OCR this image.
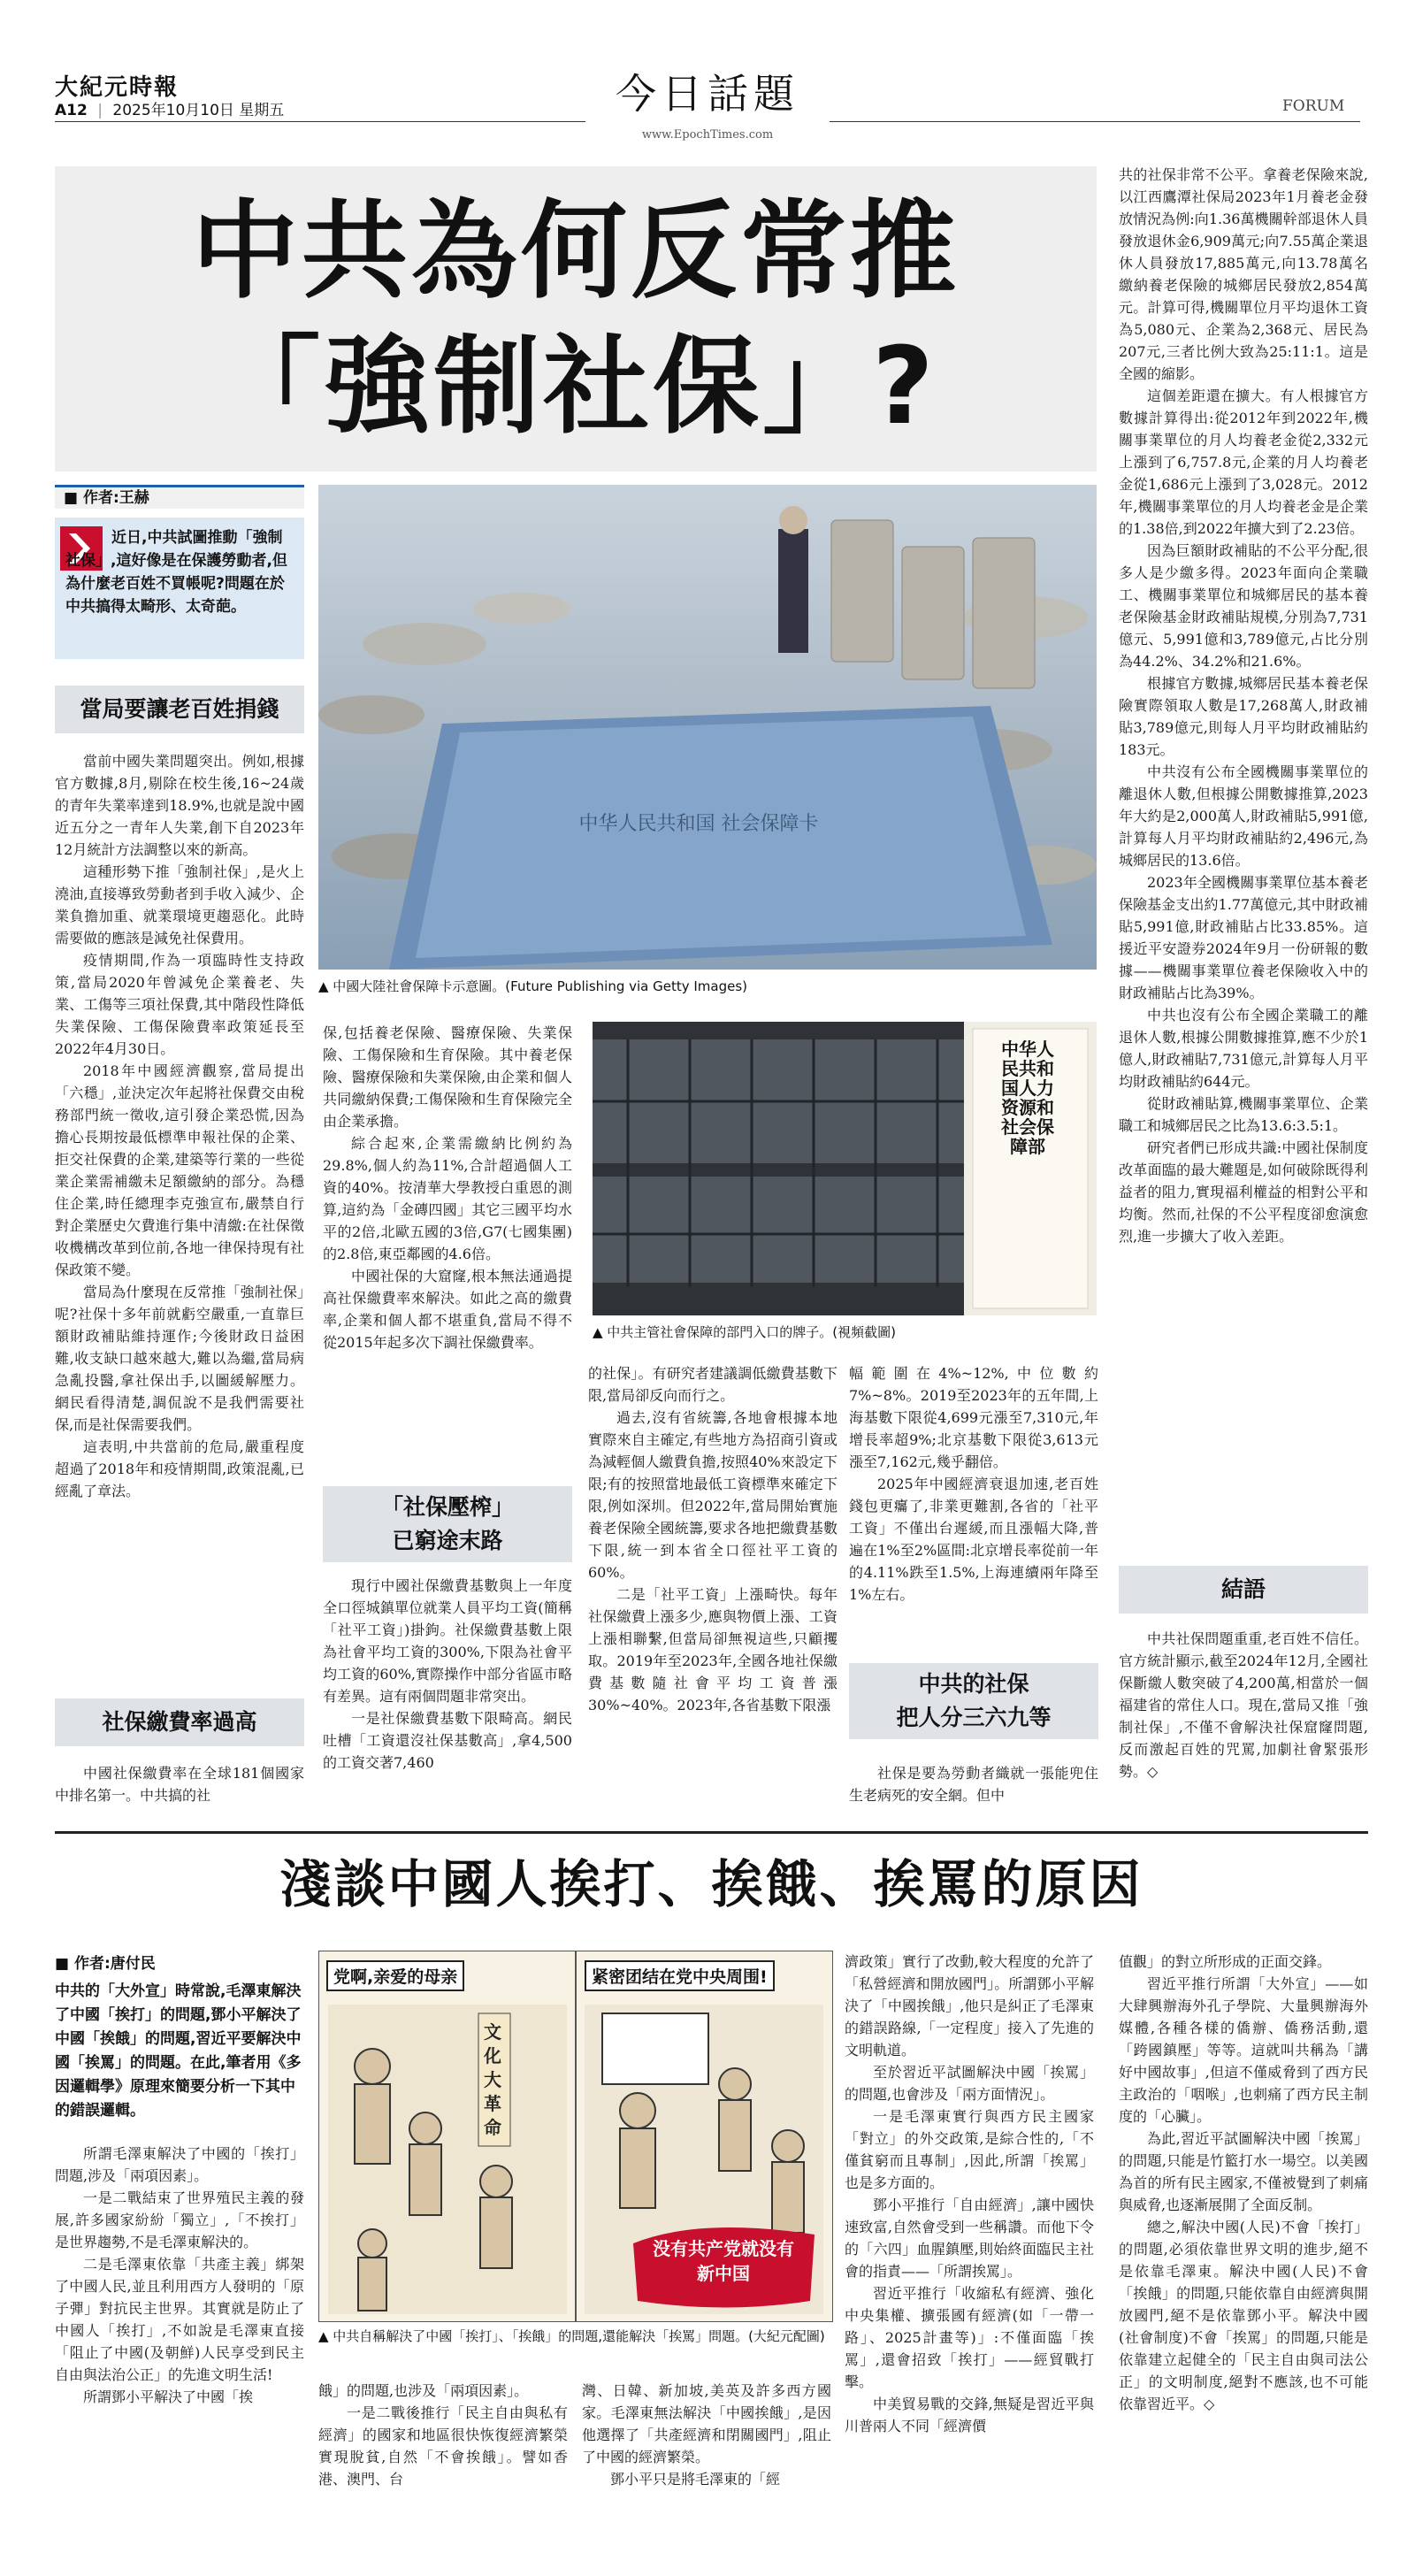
大紀元時報
A12 | 2025年10月10日 星期五	今日話題
www.EpochTimes.com
FORUM
中共為何反常推
「強制社保」?
■ 作者:王赫
近日,中共試圖推動「強制社保」,這好像是在保護勞動者,但為什麼老百姓不買帳呢?問題在於中共搞得太畸形、太奇葩。
中华人民共和国 社会保障卡
▲ 中國大陸社會保障卡示意圖。(Future Publishing via Getty Images)
中华人民共和国人力资源和社会保障部
▲ 中共主管社會保障的部門入口的牌子。(視頻截圖)
當局要讓老百姓捐錢

當前中國失業問題突出。例如,根據官方數據,8月,剔除在校生後,16~24歲的青年失業率達到18.9%,也就是說中國近五分之一青年人失業,創下自2023年12月統計方法調整以來的新高。

這種形勢下推「強制社保」,是火上澆油,直接導致勞動者到手收入減少、企業負擔加重、就業環境更趨惡化。此時需要做的應該是減免社保費用。

疫情期間,作為一項臨時性支持政策,當局2020年曾減免企業養老、失業、工傷等三項社保費,其中階段性降低失業保險、工傷保險費率政策延長至2022年4月30日。

2018年中國經濟觀察,當局提出「六穩」,並決定次年起將社保費交由稅務部門統一徵收,這引發企業恐慌,因為擔心長期按最低標準申報社保的企業、拒交社保費的企業,建築等行業的一些從業企業需補繳未足額繳納的部分。為穩住企業,時任總理李克強宣布,嚴禁自行對企業歷史欠費進行集中清繳:在社保徵收機構改革到位前,各地一律保持現有社保政策不變。

當局為什麼現在反常推「強制社保」呢?社保十多年前就虧空嚴重,一直靠巨額財政補貼維持運作;今後財政日益困難,收支缺口越來越大,難以為繼,當局病急亂投醫,拿社保出手,以圖緩解壓力。網民看得清楚,調侃說不是我們需要社保,而是社保需要我們。

這表明,中共當前的危局,嚴重程度超過了2018年和疫情期間,政策混亂,已經亂了章法。

社保繳費率過高

中國社保繳費率在全球181個國家中排名第一。中共搞的社

保,包括養老保險、醫療保險、失業保險、工傷保險和生育保險。其中養老保險、醫療保險和失業保險,由企業和個人共同繳納保費;工傷保險和生育保險完全由企業承擔。

綜合起來,企業需繳納比例約為29.8%,個人約為11%,合計超過個人工資的40%。按清華大學教授白重恩的測算,這約為「金磚四國」其它三國平均水平的2倍,北歐五國的3倍,G7(七國集團)的2.8倍,東亞鄰國的4.6倍。

中國社保的大窟窿,根本無法通過提高社保繳費率來解決。如此之高的繳費率,企業和個人都不堪重負,當局不得不從2015年起多次下調社保繳費率。

「社保壓榨」
已窮途末路

現行中國社保繳費基數與上一年度全口徑城鎮單位就業人員平均工資(簡稱「社平工資」)掛鉤。社保繳費基數上限為社會平均工資的300%,下限為社會平均工資的60%,實際操作中部分省區市略有差異。這有兩個問題非常突出。

一是社保繳費基數下限畸高。網民吐槽「工資還沒社保基數高」,拿4,500的工資交著7,460

的社保」。有研究者建議調低繳費基數下限,當局卻反向而行之。

過去,沒有省統籌,各地會根據本地實際來自主確定,有些地方為招商引資或為減輕個人繳費負擔,按照40%來設定下限;有的按照當地最低工資標準來確定下限,例如深圳。但2022年,當局開始實施養老保險全國統籌,要求各地把繳費基數下限,統一到本省全口徑社平工資的60%。

二是「社平工資」上漲畸快。每年社保繳費上漲多少,應與物價上漲、工資上漲相聯繫,但當局卻無視這些,只顧攫取。2019年至2023年,全國各地社保繳費基數隨社會平均工資普漲30%~40%。2023年,各省基數下限漲

幅範圍在4%~12%,中位數約7%~8%。2019至2023年的五年間,上海基數下限從4,699元漲至7,310元,年增長率超9%;北京基數下限從3,613元漲至7,162元,幾乎翻倍。

2025年中國經濟衰退加速,老百姓錢包更癟了,非業更難割,各省的「社平工資」不僅出台遲緩,而且漲幅大降,普遍在1%至2%區間:北京增長率從前一年的4.11%跌至1.5%,上海連續兩年降至1%左右。

中共的社保
把人分三六九等

社保是要為勞動者織就一張能兜住生老病死的安全網。但中

共的社保非常不公平。拿養老保險來說,以江西鷹潭社保局2023年1月養老金發放情況為例:向1.36萬機關幹部退休人員發放退休金6,909萬元;向7.55萬企業退休人員發放17,885萬元,向13.78萬名繳納養老保險的城鄉居民發放2,854萬元。計算可得,機關單位月平均退休工資為5,080元、企業為2,368元、居民為207元,三者比例大致為25:11:1。這是全國的縮影。

這個差距還在擴大。有人根據官方數據計算得出:從2012年到2022年,機關事業單位的月人均養老金從2,332元上漲到了6,757.8元,企業的月人均養老金從1,686元上漲到了3,028元。2012年,機關事業單位的月人均養老金是企業的1.38倍,到2022年擴大到了2.23倍。

因為巨額財政補貼的不公平分配,很多人是少繳多得。2023年面向企業職工、機關事業單位和城鄉居民的基本養老保險基金財政補貼規模,分別為7,731億元、5,991億和3,789億元,占比分別為44.2%、34.2%和21.6%。

根據官方數據,城鄉居民基本養老保險實際領取人數是17,268萬人,財政補貼3,789億元,則每人月平均財政補貼約183元。

中共沒有公布全國機關事業單位的離退休人數,但根據公開數據推算,2023年大約是2,000萬人,財政補貼5,991億,計算每人月平均財政補貼約2,496元,為城鄉居民的13.6倍。

2023年全國機關事業單位基本養老保險基金支出約1.77萬億元,其中財政補貼5,991億,財政補貼占比33.85%。這援近平安證券2024年9月一份研報的數據——機關事業單位養老保險收入中的財政補貼占比為39%。

中共也沒有公布全國企業職工的離退休人數,根據公開數據推算,應不少於1億人,財政補貼7,731億元,計算每人月平均財政補貼約644元。

從財政補貼算,機關事業單位、企業職工和城鄉居民之比為13.6:3.5:1。

研究者們已形成共識:中國社保制度改革面臨的最大難題是,如何破除既得利益者的阻力,實現福利權益的相對公平和均衡。然而,社保的不公平程度卻愈演愈烈,進一步擴大了收入差距。

結語

中共社保問題重重,老百姓不信任。官方統計顯示,截至2024年12月,全國社保斷繳人數突破了4,200萬,相當於一個福建省的常住人口。現在,當局又推「強制社保」,不僅不會解決社保窟窿問題,反而激起百姓的咒罵,加劇社會緊張形勢。◇

淺談中國人挨打、挨餓、挨罵的原因
■ 作者:唐付民
中共的「大外宣」時常說,毛澤東解決了中國「挨打」的問題,鄧小平解決了中國「挨餓」的問題,習近平要解決中國「挨罵」的問題。在此,筆者用《多因邏輯學》原理來簡要分析一下其中的錯誤邏輯。

所謂毛澤東解決了中國的「挨打」問題,涉及「兩項因素」。

一是二戰結束了世界殖民主義的發展,許多國家紛紛「獨立」,「不挨打」是世界趨勢,不是毛澤東解決的。

二是毛澤東依靠「共產主義」綁架了中國人民,並且利用西方人發明的「原子彈」對抗民主世界。其實就是防止了中國人「挨打」,不如說是毛澤東直接「阻止了中國(及朝鮮)人民享受到民主自由與法治公正」的先進文明生活!

所謂鄧小平解決了中國「挨

党啊,亲爱的母亲	紧密团结在党中央周围!
文化大革命
没有共产党就没有新中国
▲ 中共自稱解決了中國「挨打」、「挨餓」的問題,還能解決「挨罵」問題。(大紀元配圖)

餓」的問題,也涉及「兩項因素」。

一是二戰後推行「民主自由與私有經濟」的國家和地區很快恢復經濟繁榮實現脫貧,自然「不會挨餓」。譬如香港、澳門、台

灣、日韓、新加坡,美英及許多西方國家。毛澤東無法解決「中國挨餓」,是因他選擇了「共產經濟和閉關國門」,阻止了中國的經濟繁榮。

鄧小平只是將毛澤東的「經

濟政策」實行了改動,較大程度的允許了「私營經濟和開放國門」。所謂鄧小平解決了「中國挨餓」,他只是糾正了毛澤東的錯誤路線,「一定程度」接入了先進的文明軌道。

至於習近平試圖解決中國「挨罵」的問題,也會涉及「兩方面情況」。

一是毛澤東實行與西方民主國家「對立」的外交政策,是綜合性的,「不僅貧窮而且專制」,因此,所謂「挨罵」也是多方面的。

鄧小平推行「自由經濟」,讓中國快速致富,自然會受到一些稱讚。而他下令的「六四」血腥鎮壓,則始終面臨民主社會的指責——「所謂挨罵」。

習近平推行「收縮私有經濟、強化中央集權、擴張國有經濟(如「一帶一路」、2025計畫等)」:不僅面臨「挨罵」,還會招致「挨打」——經貿戰打擊。

中美貿易戰的交鋒,無疑是習近平與川普兩人不同「經濟價

值觀」的對立所形成的正面交鋒。

習近平推行所謂「大外宣」——如大肆興辦海外孔子學院、大量興辦海外媒體,各種各樣的僑辦、僑務活動,還「跨國鎮壓」等等。這就叫共稱為「講好中國故事」,但這不僅威脅到了西方民主政治的「咽喉」,也刺痛了西方民主制度的「心臟」。

為此,習近平試圖解決中國「挨罵」的問題,只能是竹籃打水一場空。以美國為首的所有民主國家,不僅被覺到了刺痛與威脅,也逐漸展開了全面反制。

總之,解決中國(人民)不會「挨打」的問題,必須依靠世界文明的進步,絕不是依靠毛澤東。解決中國(人民)不會「挨餓」的問題,只能依靠自由經濟與開放國門,絕不是依靠鄧小平。解決中國(社會制度)不會「挨罵」的問題,只能是依靠建立起健全的「民主自由與司法公正」的文明制度,絕對不應該,也不可能依靠習近平。◇
